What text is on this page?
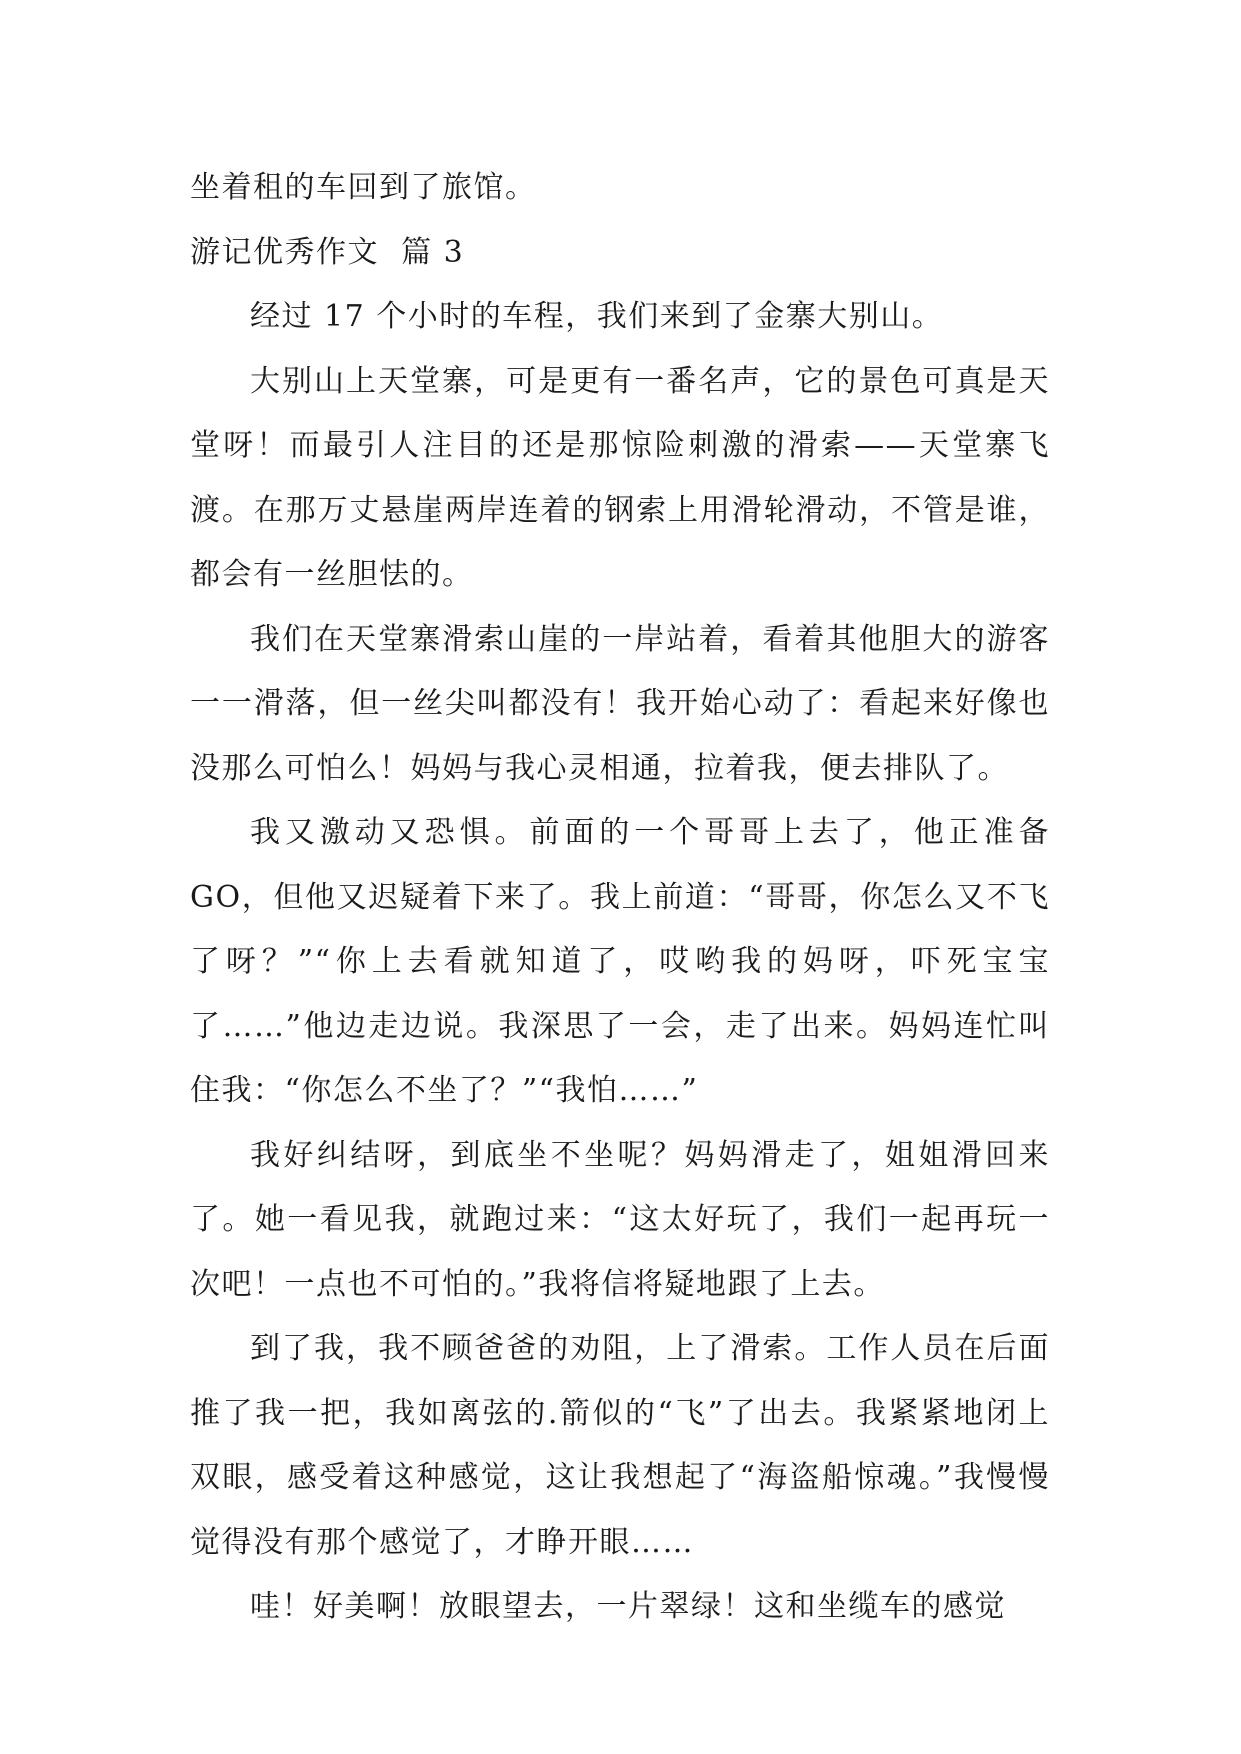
坐着租的车回到了旅馆。
游记优秀作文  篇 3

经过 17 个小时的车程，我们来到了金寨大别山。

大别山上天堂寨，可是更有一番名声，它的景色可真是天堂呀！而最引人注目的还是那惊险刺激的滑索——天堂寨飞渡。在那万丈悬崖两岸连着的钢索上用滑轮滑动，不管是谁，都会有一丝胆怯的。

我们在天堂寨滑索山崖的一岸站着，看着其他胆大的游客一一滑落，但一丝尖叫都没有！我开始心动了：看起来好像也没那么可怕么！妈妈与我心灵相通，拉着我，便去排队了。

我又激动又恐惧。前面的一个哥哥上去了，他正准备GO，但他又迟疑着下来了。我上前道：“哥哥，你怎么又不飞了呀？”“你上去看就知道了，哎哟我的妈呀，吓死宝宝了……”他边走边说。我深思了一会，走了出来。妈妈连忙叫住我：“你怎么不坐了？”“我怕……”

我好纠结呀，到底坐不坐呢？妈妈滑走了，姐姐滑回来了。她一看见我，就跑过来：“这太好玩了，我们一起再玩一次吧！一点也不可怕的。”我将信将疑地跟了上去。

到了我，我不顾爸爸的劝阻，上了滑索。工作人员在后面推了我一把，我如离弦的.箭似的“飞”了出去。我紧紧地闭上双眼，感受着这种感觉，这让我想起了“海盗船惊魂。”我慢慢觉得没有那个感觉了，才睁开眼……

哇！好美啊！放眼望去，一片翠绿！这和坐缆车的感觉
